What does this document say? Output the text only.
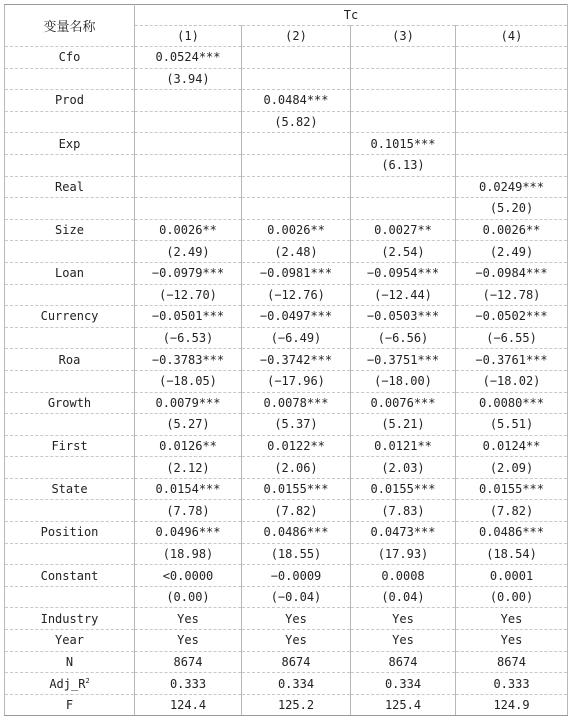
变量名称	Tc			
	(1)	(2)	(3)	(4)
Cfo	0.0524***			
	(3.94)			
Prod		0.0484***		
		(5.82)		
Exp			0.1015***	
			(6.13)	
Real				0.0249***
				(5.20)
Size	0.0026**	0.0026**	0.0027**	0.0026**
	(2.49)	(2.48)	(2.54)	(2.49)
Loan	−0.0979***	−0.0981***	−0.0954***	−0.0984***
	(−12.70)	(−12.76)	(−12.44)	(−12.78)
Currency	−0.0501***	−0.0497***	−0.0503***	−0.0502***
	(−6.53)	(−6.49)	(−6.56)	(−6.55)
Roa	−0.3783***	−0.3742***	−0.3751***	−0.3761***
	(−18.05)	(−17.96)	(−18.00)	(−18.02)
Growth	0.0079***	0.0078***	0.0076***	0.0080***
	(5.27)	(5.37)	(5.21)	(5.51)
First	0.0126**	0.0122**	0.0121**	0.0124**
	(2.12)	(2.06)	(2.03)	(2.09)
State	0.0154***	0.0155***	0.0155***	0.0155***
	(7.78)	(7.82)	(7.83)	(7.82)
Position	0.0496***	0.0486***	0.0473***	0.0486***
	(18.98)	(18.55)	(17.93)	(18.54)
Constant	<0.0000	−0.0009	0.0008	0.0001
	(0.00)	(−0.04)	(0.04)	(0.00)
Industry	Yes	Yes	Yes	Yes
Year	Yes	Yes	Yes	Yes
N	8674	8674	8674	8674
$Adj\_R^2$	0.333	0.334	0.334	0.333
F	124.4	125.2	125.4	124.9
